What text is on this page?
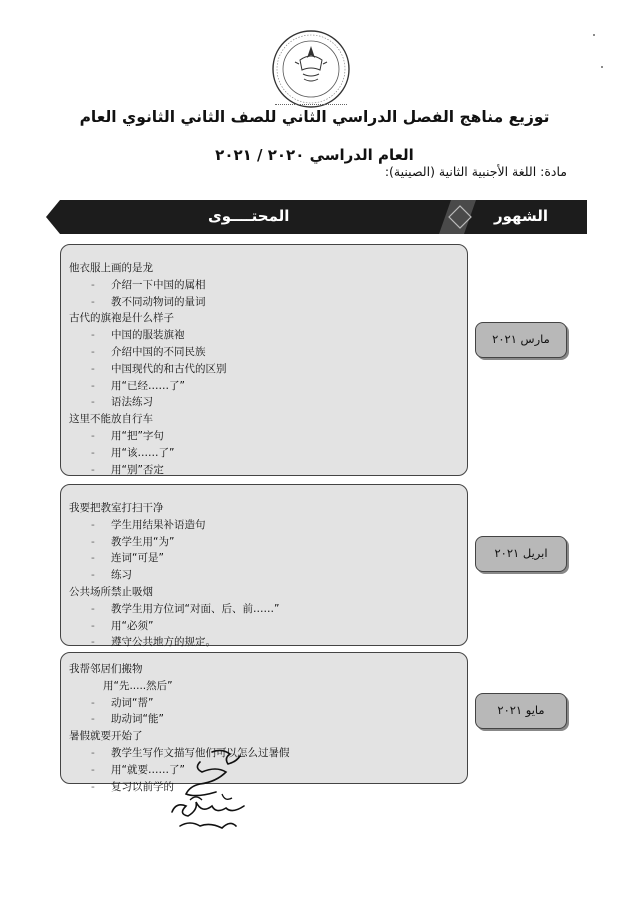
توزيع مناهج الفصل الدراسي الثاني للصف الثاني الثانوي العام
العام الدراسي ٢٠٢٠ / ٢٠٢١
مادة: اللغة الأجنبية الثانية (الصينية):
الشهور
المحتــــوى
他衣服上画的是龙
- 介绍一下中国的属相
- 教不同动物词的量词
古代的旗袍是什么样子
- 中国的服装旗袍
- 介绍中国的不同民族
- 中国现代的和古代的区别
- 用“已经……了”
- 语法练习
这里不能放自行车
- 用“把”字句
- 用“该……了”
- 用“别”否定
مارس ٢٠٢١
我要把教室打扫干净
- 学生用结果补语造句
- 教学生用“为”
- 连词“可是”
- 练习
公共场所禁止吸烟
- 教学生用方位词“对面、后、前……”
- 用“必须”
- 遵守公共地方的规定。
ابريل ٢٠٢١
我帮邻居们搬物
用“先.....然后”
- 动词“帮”
- 助动词“能”
暑假就要开始了
- 教学生写作文描写他们可以怎么过暑假
- 用“就要……了”
- 复习以前学的
مايو ٢٠٢١
